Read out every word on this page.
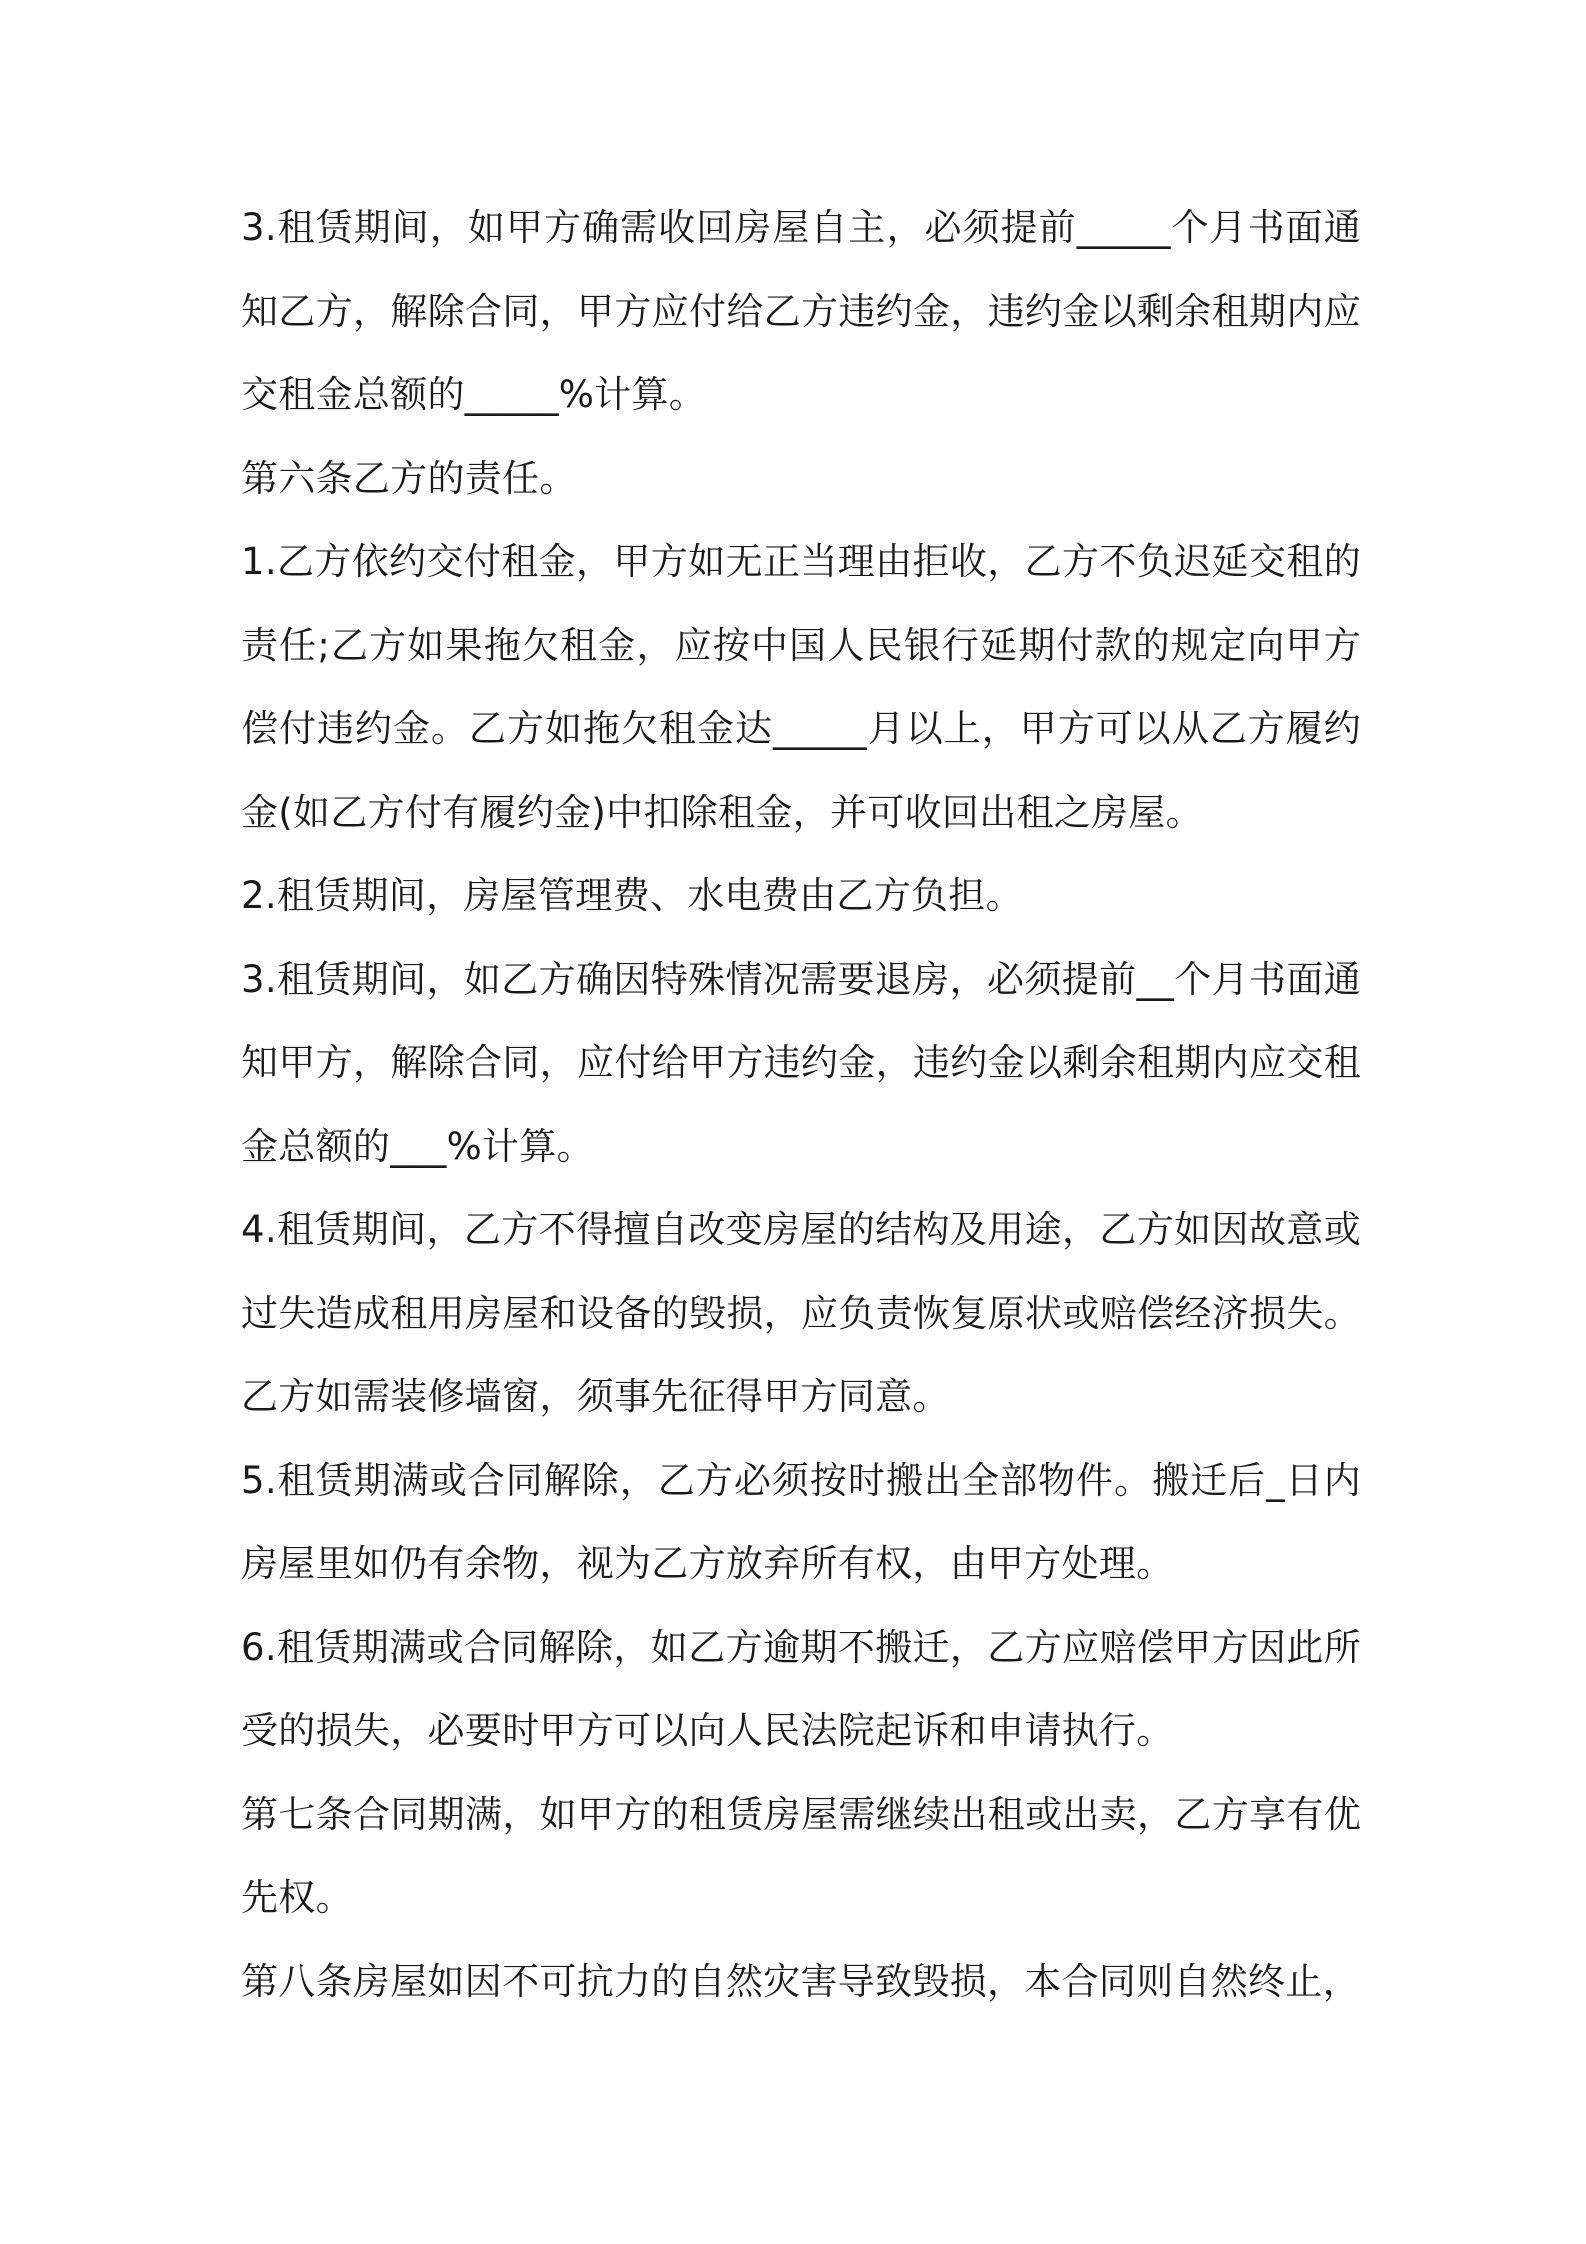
3.租赁期间，如甲方确需收回房屋自主，必须提前_____个月书面通知乙方，解除合同，甲方应付给乙方违约金，违约金以剩余租期内应交租金总额的_____%计算。

第六条乙方的责任。

1.乙方依约交付租金，甲方如无正当理由拒收，乙方不负迟延交租的责任;乙方如果拖欠租金，应按中国人民银行延期付款的规定向甲方偿付违约金。乙方如拖欠租金达_____月以上，甲方可以从乙方履约金(如乙方付有履约金)中扣除租金，并可收回出租之房屋。

2.租赁期间，房屋管理费、水电费由乙方负担。

3.租赁期间，如乙方确因特殊情况需要退房，必须提前__个月书面通知甲方，解除合同，应付给甲方违约金，违约金以剩余租期内应交租金总额的___%计算。

4.租赁期间，乙方不得擅自改变房屋的结构及用途，乙方如因故意或过失造成租用房屋和设备的毁损，应负责恢复原状或赔偿经济损失。乙方如需装修墙窗，须事先征得甲方同意。

5.租赁期满或合同解除，乙方必须按时搬出全部物件。搬迁后_日内房屋里如仍有余物，视为乙方放弃所有权，由甲方处理。

6.租赁期满或合同解除，如乙方逾期不搬迁，乙方应赔偿甲方因此所受的损失，必要时甲方可以向人民法院起诉和申请执行。

第七条合同期满，如甲方的租赁房屋需继续出租或出卖，乙方享有优先权。

第八条房屋如因不可抗力的自然灾害导致毁损，本合同则自然终止，
